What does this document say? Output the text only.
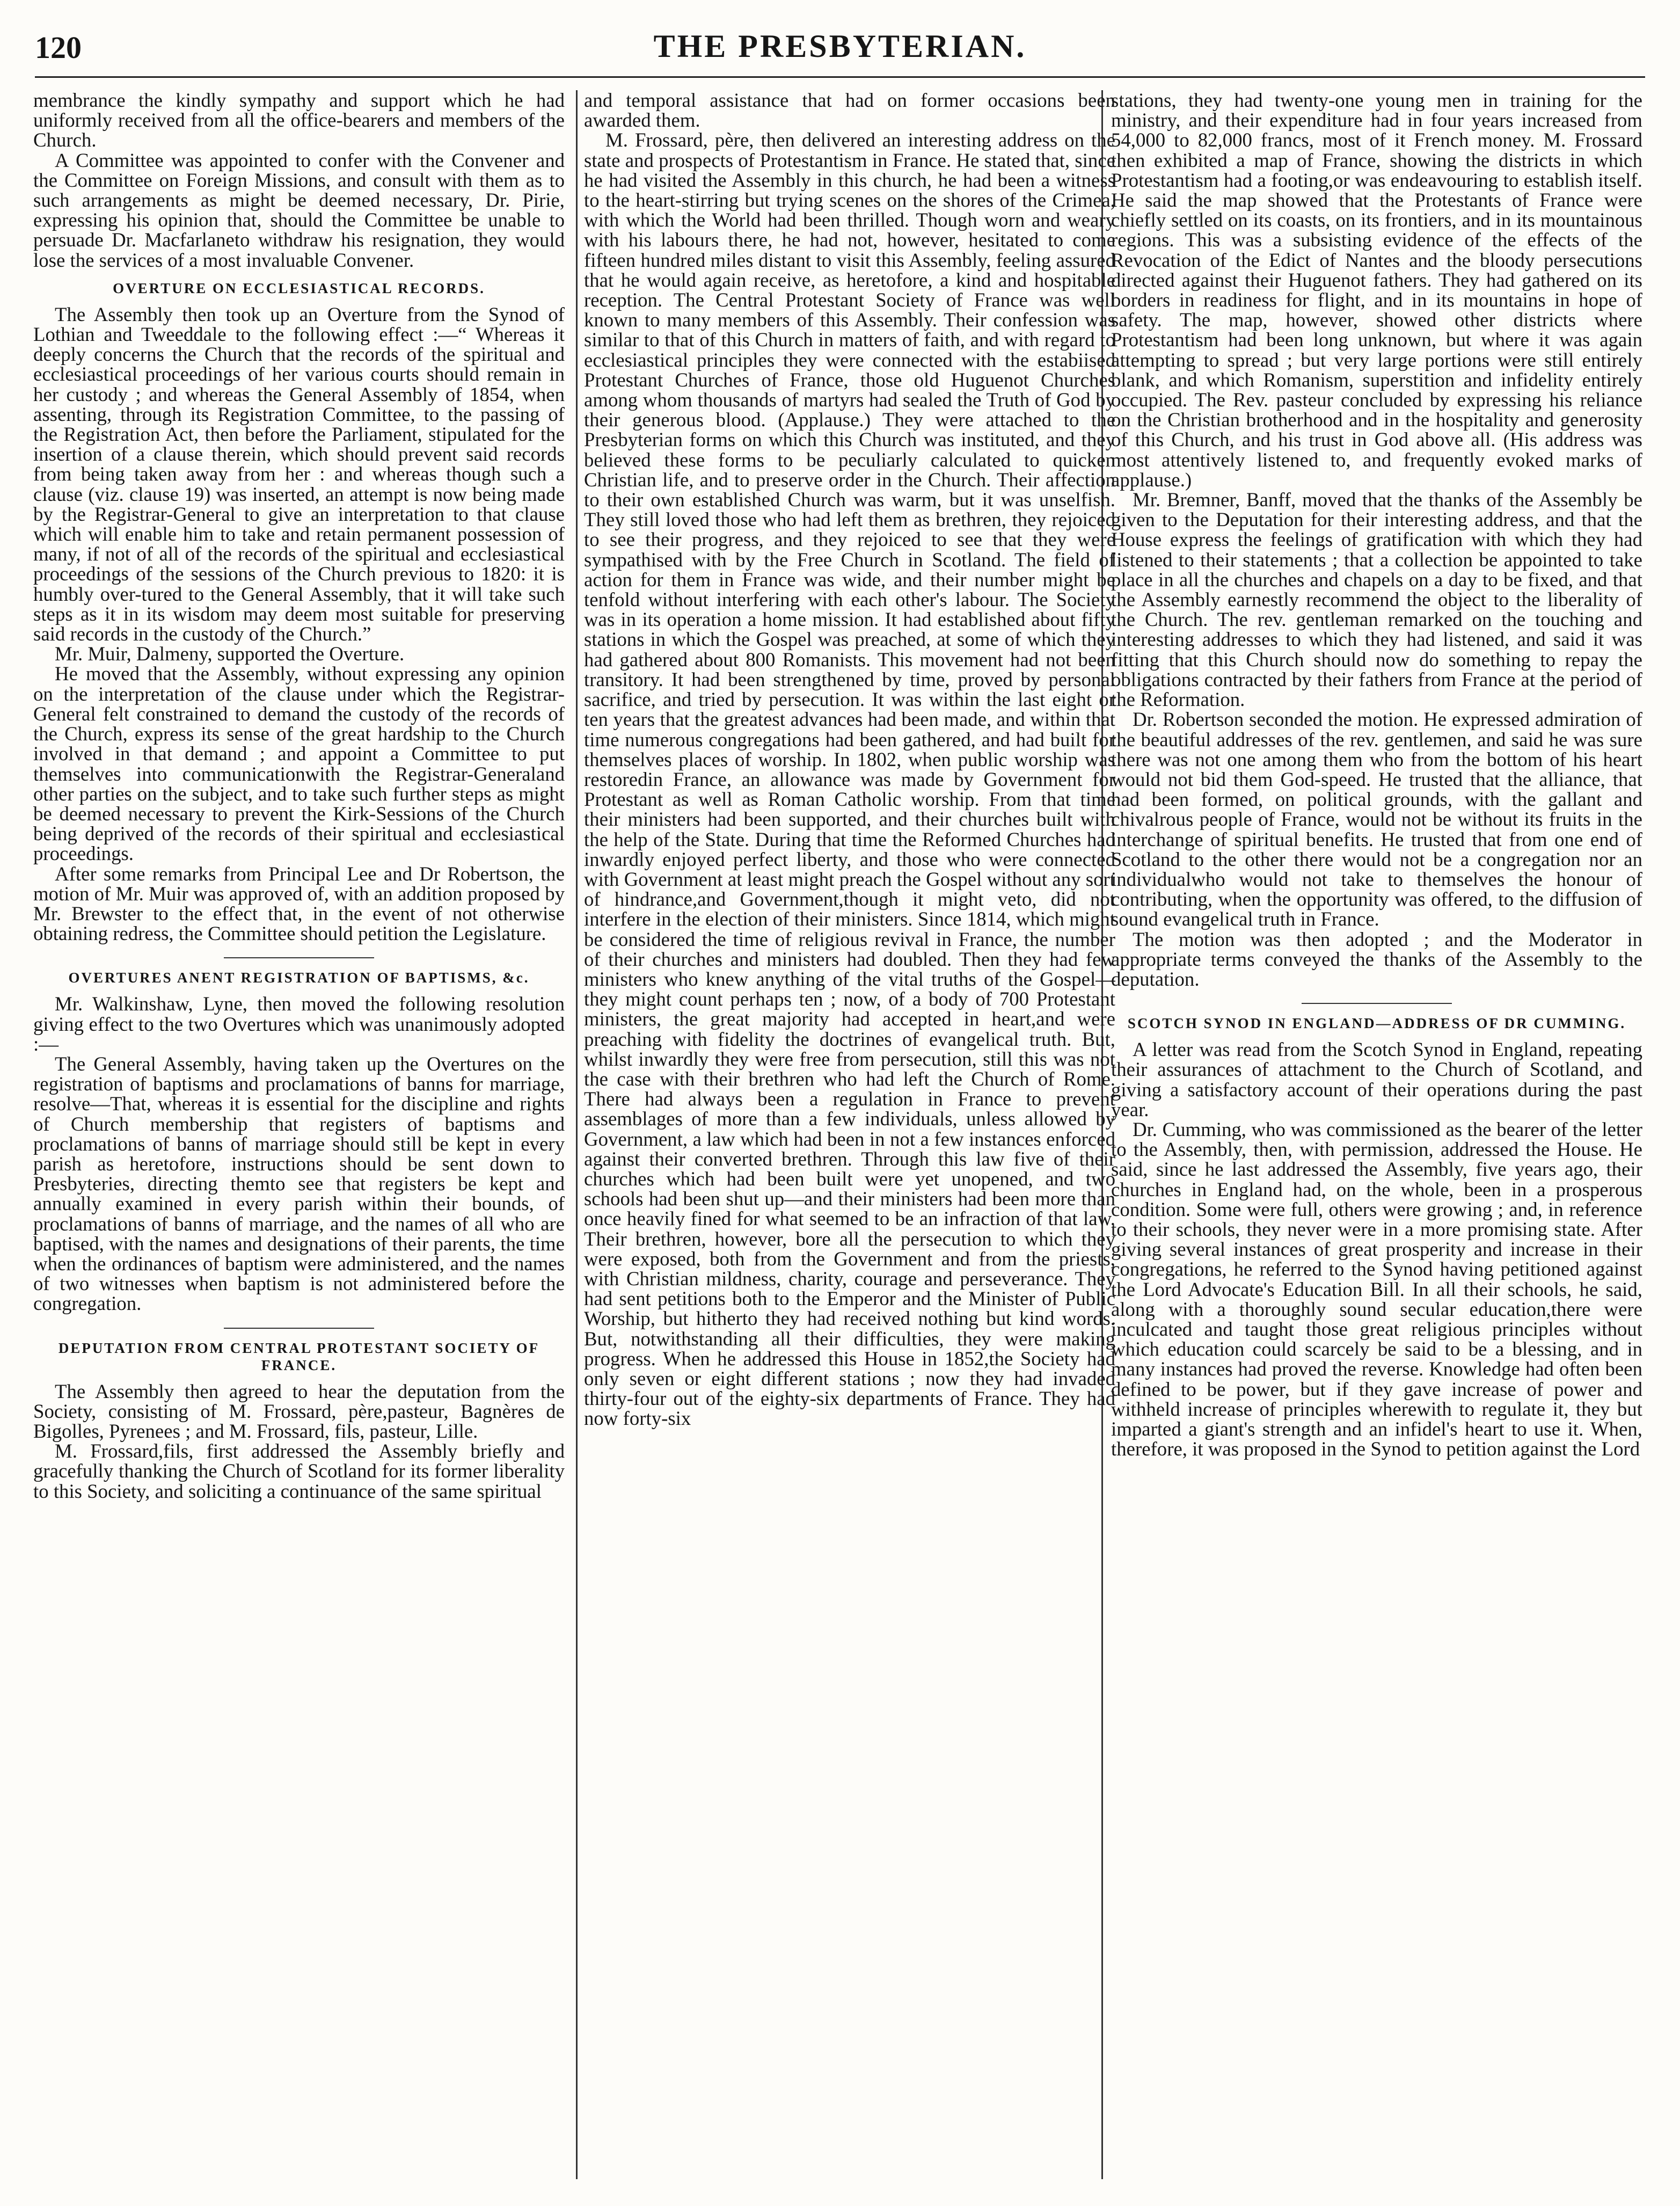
120	THE PRESBYTERIAN.

membrance the kindly sympathy and support which he had uniformly received from all the office-bearers and members of the Church.

A Committee was appointed to confer with the Convener and the Committee on Foreign Missions, and consult with them as to such arrangements as might be deemed necessary, Dr. Pirie, expressing his opinion that, should the Committee be unable to persuade Dr. Macfarlaneto withdraw his resignation, they would lose the services of a most invaluable Convener.

OVERTURE ON ECCLESIASTICAL RECORDS.

The Assembly then took up an Overture from the Synod of Lothian and Tweeddale to the following effect :—“ Whereas it deeply concerns the Church that the records of the spiritual and ecclesiastical proceedings of her various courts should remain in her custody ; and whereas the General Assembly of 1854, when assenting, through its Registration Committee, to the passing of the Registration Act, then before the Parliament, stipulated for the insertion of a clause therein, which should prevent said records from being taken away from her : and whereas though such a clause (viz. clause 19) was inserted, an attempt is now being made by the Registrar-General to give an interpretation to that clause which will enable him to take and retain permanent possession of many, if not of all of the records of the spiritual and ecclesiastical proceedings of the sessions of the Church previous to 1820: it is humbly over-tured to the General Assembly, that it will take such steps as it in its wisdom may deem most suitable for preserving said records in the custody of the Church.”

Mr. Muir, Dalmeny, supported the Overture.

He moved that the Assembly, without expressing any opinion on the interpretation of the clause under which the Registrar-General felt constrained to demand the custody of the records of the Church, express its sense of the great hardship to the Church involved in that demand ; and appoint a Committee to put themselves into communicationwith the Registrar-Generaland other parties on the subject, and to take such further steps as might be deemed necessary to prevent the Kirk-Sessions of the Church being deprived of the records of their spiritual and ecclesiastical proceedings.

After some remarks from Principal Lee and Dr Robertson, the motion of Mr. Muir was approved of, with an addition proposed by Mr. Brewster to the effect that, in the event of not otherwise obtaining redress, the Committee should petition the Legislature.

OVERTURES ANENT REGISTRATION OF BAPTISMS, &c.

Mr. Walkinshaw, Lyne, then moved the following resolution giving effect to the two Overtures which was unanimously adopted :—

The General Assembly, having taken up the Overtures on the registration of baptisms and proclamations of banns for marriage, resolve—That, whereas it is essential for the discipline and rights of Church membership that registers of baptisms and proclamations of banns of marriage should still be kept in every parish as heretofore, instructions should be sent down to Presbyteries, directing themto see that registers be kept and annually examined in every parish within their bounds, of proclamations of banns of marriage, and the names of all who are baptised, with the names and designations of their parents, the time when the ordinances of baptism were administered, and the names of two witnesses when baptism is not administered before the congregation.

DEPUTATION FROM CENTRAL PROTESTANT SOCIETY OF FRANCE.

The Assembly then agreed to hear the deputation from the Society, consisting of M. Frossard, père,pasteur, Bagnères de Bigolles, Pyrenees ; and M. Frossard, fils, pasteur, Lille.

M. Frossard,fils, first addressed the Assembly briefly and gracefully thanking the Church of Scotland for its former liberality to this Society, and soliciting a continuance of the same spiritual

and temporal assistance that had on former occasions been awarded them.

M. Frossard, père, then delivered an interesting address on the state and prospects of Protestantism in France. He stated that, since he had visited the Assembly in this church, he had been a witness to the heart-stirring but trying scenes on the shores of the Crimea, with which the World had been thrilled. Though worn and weary with his labours there, he had not, however, hesitated to come fifteen hundred miles distant to visit this Assembly, feeling assured that he would again receive, as heretofore, a kind and hospitable reception. The Central Protestant Society of France was well known to many members of this Assembly. Their confession was similar to that of this Church in matters of faith, and with regard to ecclesiastical principles they were connected with the estabiised Protestant Churches of France, those old Huguenot Churches among whom thousands of martyrs had sealed the Truth of God by their generous blood. (Applause.) They were attached to the Presbyterian forms on which this Church was instituted, and they believed these forms to be peculiarly calculated to quicken Christian life, and to preserve order in the Church. Their affection to their own established Church was warm, but it was unselfish. They still loved those who had left them as brethren, they rejoiced to see their progress, and they rejoiced to see that they were sympathised with by the Free Church in Scotland. The field of action for them in France was wide, and their number might be tenfold without interfering with each other's labour. The Society was in its operation a home mission. It had established about fifty stations in which the Gospel was preached, at some of which they had gathered about 800 Romanists. This movement had not been transitory. It had been strengthened by time, proved by personal sacrifice, and tried by persecution. It was within the last eight or ten years that the greatest advances had been made, and within that time numerous congregations had been gathered, and had built for themselves places of worship. In 1802, when public worship was restoredin France, an allowance was made by Government for Protestant as well as Roman Catholic worship. From that time their ministers had been supported, and their churches built with the help of the State. During that time the Reformed Churches had inwardly enjoyed perfect liberty, and those who were connected with Government at least might preach the Gospel without any sort of hindrance,and Government,though it might veto, did not interfere in the election of their ministers. Since 1814, which might be considered the time of religious revival in France, the number of their churches and ministers had doubled. Then they had few ministers who knew anything of the vital truths of the Gospel—they might count perhaps ten ; now, of a body of 700 Protestant ministers, the great majority had accepted in heart,and were preaching with fidelity the doctrines of evangelical truth. But, whilst inwardly they were free from persecution, still this was not the case with their brethren who had left the Church of Rome. There had always been a regulation in France to prevent assemblages of more than a few individuals, unless allowed by Government, a law which had been in not a few instances enforced against their converted brethren. Through this law five of their churches which had been built were yet unopened, and two schools had been shut up—and their ministers had been more than once heavily fined for what seemed to be an infraction of that law. Their brethren, however, bore all the persecution to which they were exposed, both from the Government and from the priests, with Christian mildness, charity, courage and perseverance. They had sent petitions both to the Emperor and the Minister of Public Worship, but hitherto they had received nothing but kind words. But, notwithstanding all their difficulties, they were making progress. When he addressed this House in 1852,the Society had only seven or eight different stations ; now they had invaded thirty-four out of the eighty-six departments of France. They had now forty-six

stations, they had twenty-one young men in training for the ministry, and their expenditure had in four years increased from 54,000 to 82,000 francs, most of it French money. M. Frossard then exhibited a map of France, showing the districts in which Protestantism had a footing,or was endeavouring to establish itself. He said the map showed that the Protestants of France were chiefly settled on its coasts, on its frontiers, and in its mountainous regions. This was a subsisting evidence of the effects of the Revocation of the Edict of Nantes and the bloody persecutions directed against their Huguenot fathers. They had gathered on its borders in readiness for flight, and in its mountains in hope of safety. The map, however, showed other districts where Protestantism had been long unknown, but where it was again attempting to spread ; but very large portions were still entirely blank, and which Romanism, superstition and infidelity entirely occupied. The Rev. pasteur concluded by expressing his reliance on the Christian brotherhood and in the hospitality and generosity of this Church, and his trust in God above all. (His address was most attentively listened to, and frequently evoked marks of applause.)

Mr. Bremner, Banff, moved that the thanks of the Assembly be given to the Deputation for their interesting address, and that the House express the feelings of gratification with which they had listened to their statements ; that a collection be appointed to take place in all the churches and chapels on a day to be fixed, and that the Assembly earnestly recommend the object to the liberality of the Church. The rev. gentleman remarked on the touching and interesting addresses to which they had listened, and said it was fitting that this Church should now do something to repay the obligations contracted by their fathers from France at the period of the Reformation.

Dr. Robertson seconded the motion. He expressed admiration of the beautiful addresses of the rev. gentlemen, and said he was sure there was not one among them who from the bottom of his heart would not bid them God-speed. He trusted that the alliance, that had been formed, on political grounds, with the gallant and chivalrous people of France, would not be without its fruits in the interchange of spiritual benefits. He trusted that from one end of Scotland to the other there would not be a congregation nor an individualwho would not take to themselves the honour of contributing, when the opportunity was offered, to the diffusion of sound evangelical truth in France.

The motion was then adopted ; and the Moderator in appropriate terms conveyed the thanks of the Assembly to the deputation.

SCOTCH SYNOD IN ENGLAND—ADDRESS OF DR CUMMING.

A letter was read from the Scotch Synod in England, repeating their assurances of attachment to the Church of Scotland, and giving a satisfactory account of their operations during the past year.

Dr. Cumming, who was commissioned as the bearer of the letter to the Assembly, then, with permission, addressed the House. He said, since he last addressed the Assembly, five years ago, their churches in England had, on the whole, been in a prosperous condition. Some were full, others were growing ; and, in reference to their schools, they never were in a more promising state. After giving several instances of great prosperity and increase in their congregations, he referred to the Synod having petitioned against the Lord Advocate's Education Bill. In all their schools, he said, along with a thoroughly sound secular education,there were inculcated and taught those great religious principles without which education could scarcely be said to be a blessing, and in many instances had proved the reverse. Knowledge had often been defined to be power, but if they gave increase of power and withheld increase of principles wherewith to regulate it, they but imparted a giant's strength and an infidel's heart to use it. When, therefore, it was proposed in the Synod to petition against the Lord
